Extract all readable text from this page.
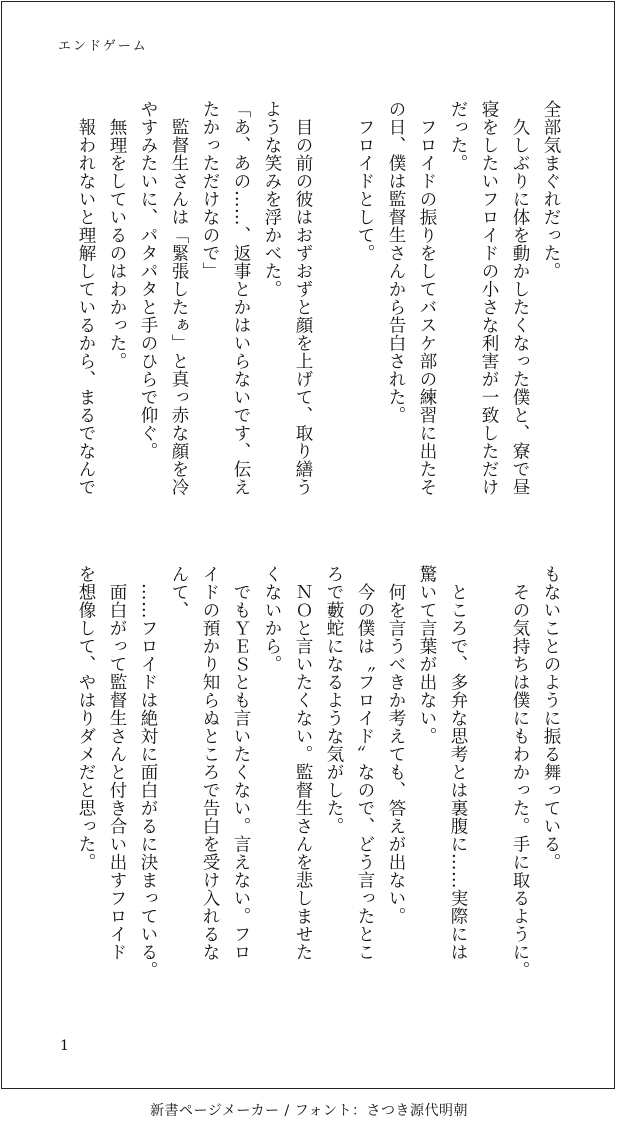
エンドゲーム

全部気まぐれだった。

　久しぶりに体を動かしたくなった僕と、寮で昼

寝をしたいフロイドの小さな利害が一致しただけ

だった。

　フロイドの振りをしてバスケ部の練習に出たそ

の日、僕は監督生さんから告白された。

　フロイドとして。

　目の前の彼はおずおずと顔を上げて、取り繕う

ような笑みを浮かべた。

「あ、あの……、返事とかはいらないです、伝え

たかっただけなので」

　監督生さんは「緊張したぁ」と真っ赤な顔を冷

やすみたいに、パタパタと手のひらで仰ぐ。

　無理をしているのはわかった。

　報われないと理解しているから、まるでなんで

もないことのように振る舞っている。

　その気持ちは僕にもわかった。手に取るように。

　ところで、多弁な思考とは裏腹に……実際には

驚いて言葉が出ない。

　何を言うべきか考えても、答えが出ない。

　今の僕は〝フロイド〟なので、どう言ったとこ

ろで藪蛇になるような気がした。

　ＮＯと言いたくない。監督生さんを悲しませた

くないから。

　でもＹＥＳとも言いたくない。言えない。フロ

イドの預かり知らぬところで告白を受け入れるな

んて、

　……フロイドは絶対に面白がるに決まっている。

　面白がって監督生さんと付き合い出すフロイド

を想像して、やはりダメだと思った。

1
新書ページメーカー / フォント：さつき源代明朝
